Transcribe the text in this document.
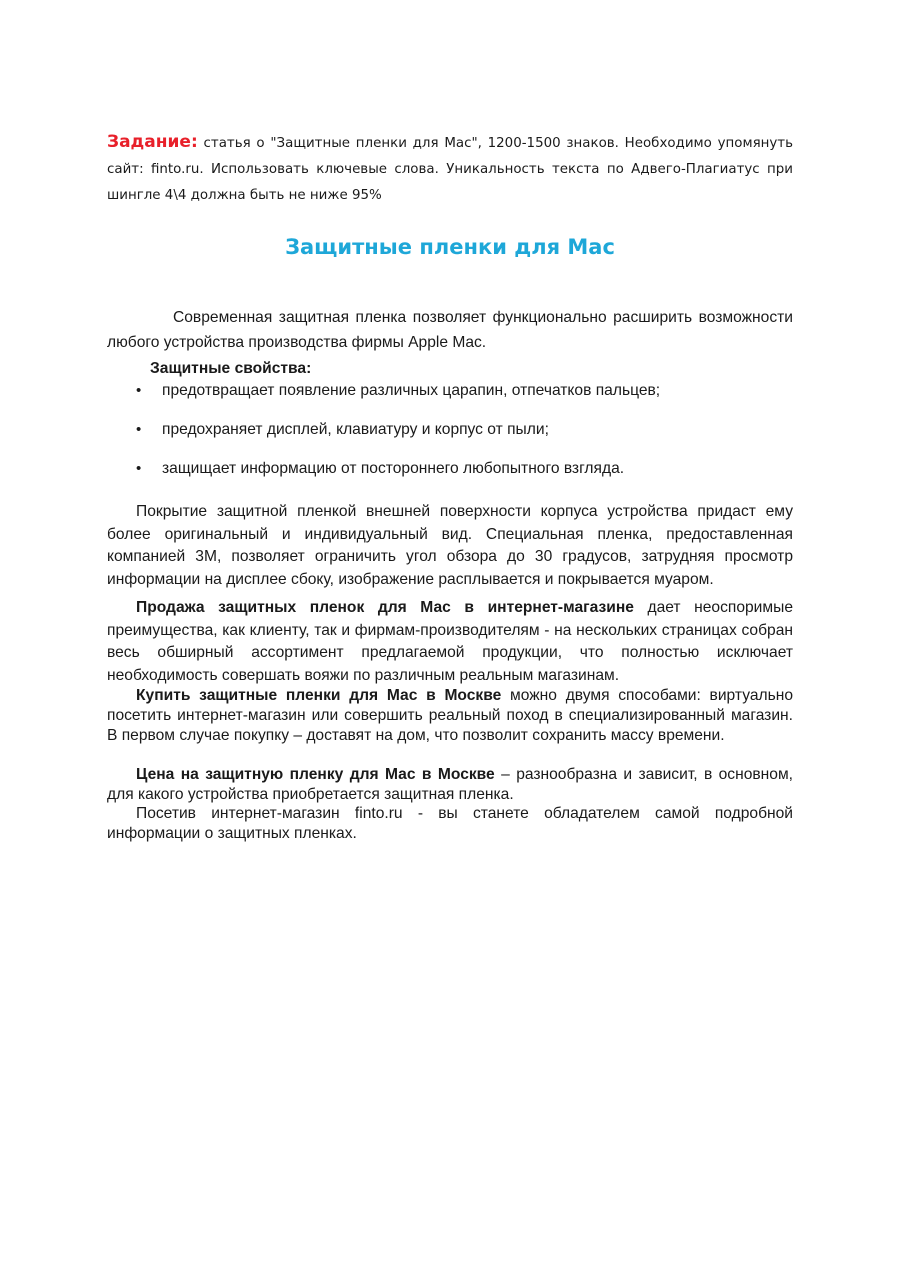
Задание: статья о "Защитные пленки для Мас", 1200-1500 знаков. Необходимо упомянуть сайт: finto.ru. Использовать ключевые слова. Уникальность текста по Адвего-Плагиатус при шингле 4\4 должна быть не ниже 95%

Защитные пленки для Мас

Современная защитная пленка позволяет функционально расширить возможности любого устройства производства фирмы Apple Mac.

Защитные свойства:
• предотвращает появление различных царапин, отпечатков пальцев;
• предохраняет дисплей, клавиатуру и корпус от пыли;
• защищает информацию от постороннего любопытного взгляда.

Покрытие защитной пленкой внешней поверхности корпуса устройства придаст ему более оригинальный и индивидуальный вид. Специальная пленка, предоставленная компанией 3М, позволяет ограничить угол обзора до 30 градусов, затрудняя просмотр информации на дисплее сбоку, изображение расплывается и покрывается муаром.

Продажа защитных пленок для Мас в интернет-магазине дает неоспоримые преимущества, как клиенту, так и фирмам-производителям - на нескольких страницах собран весь обширный ассортимент предлагаемой продукции, что полностью исключает необходимость совершать вояжи по различным реальным магазинам.

Купить защитные пленки для Мас в Москве можно двумя способами: виртуально посетить интернет-магазин или совершить реальный поход в специализированный магазин. В первом случае покупку – доставят на дом, что позволит сохранить массу времени.

Цена на защитную пленку для Мас в Москве – разнообразна и зависит, в основном, для какого устройства приобретается защитная пленка.

Посетив интернет-магазин finto.ru - вы станете обладателем самой подробной информации о защитных пленках.
